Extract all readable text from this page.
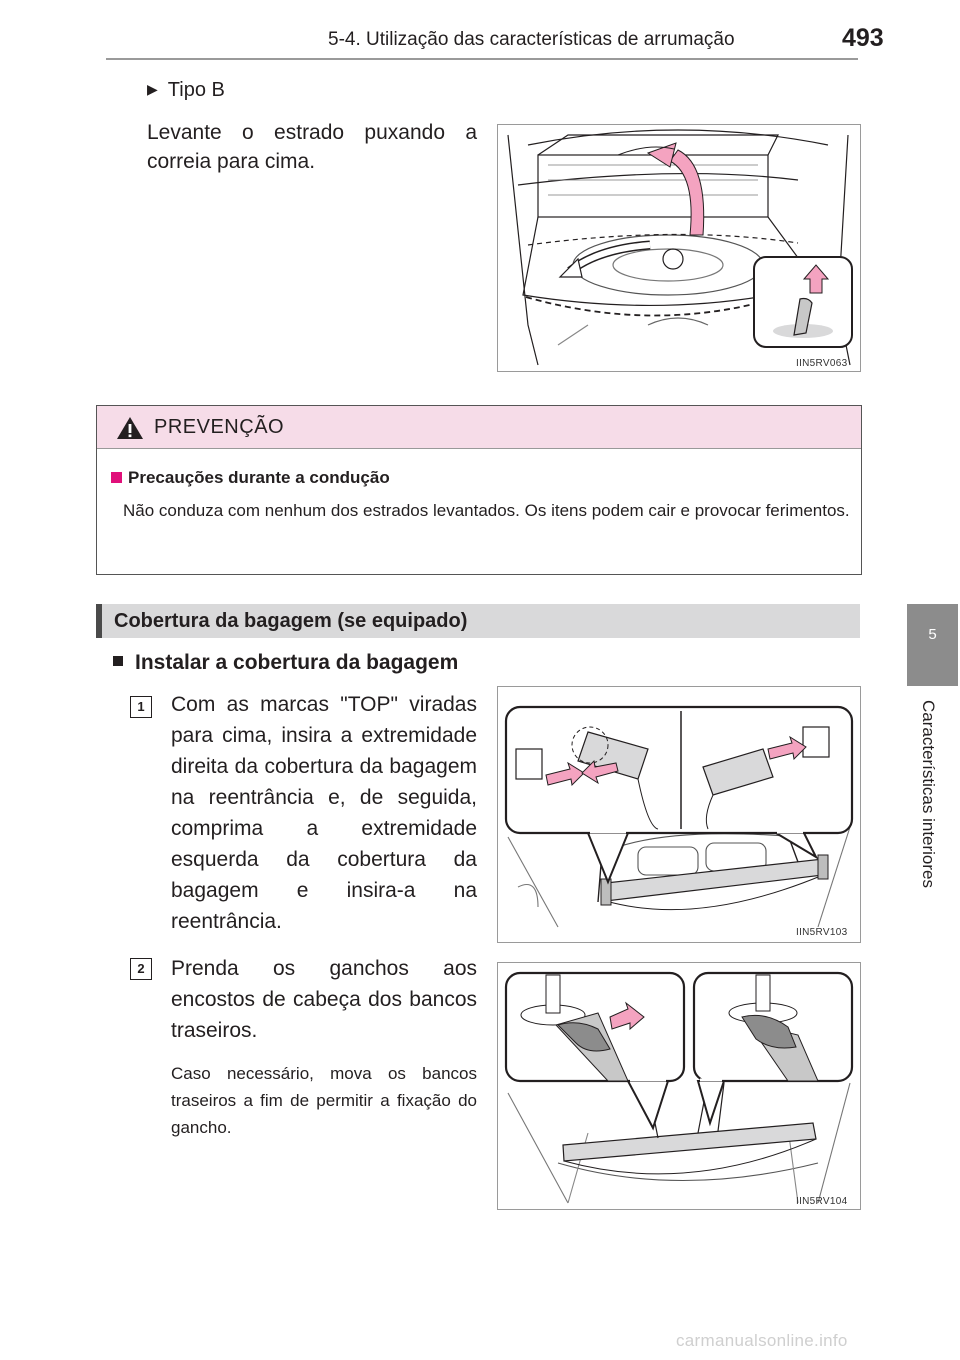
5-4. Utilização das características de arrumação	493
5
Características interiores
▶ Tipo B
Levante o estrado puxando a correia para cima.
IIN5RV063
PREVENÇÃO
Precauções durante a condução
Não conduza com nenhum dos estrados levantados. Os itens podem cair e provocar ferimentos.
Cobertura da bagagem (se equipado)
Instalar a cobertura da bagagem
1	Com as marcas "TOP" viradas para cima, insira a extremidade direita da cobertura da bagagem na reentrância e, de seguida, comprima a extremidade esquerda da cobertura da bagagem e insira-a na reentrância.	IIN5RV103
2	Prenda os ganchos aos encostos de cabeça dos bancos traseiros.
Caso necessário, mova os bancos traseiros a fim de permitir a fixação do gancho.
IIN5RV104
carmanualsonline.info
